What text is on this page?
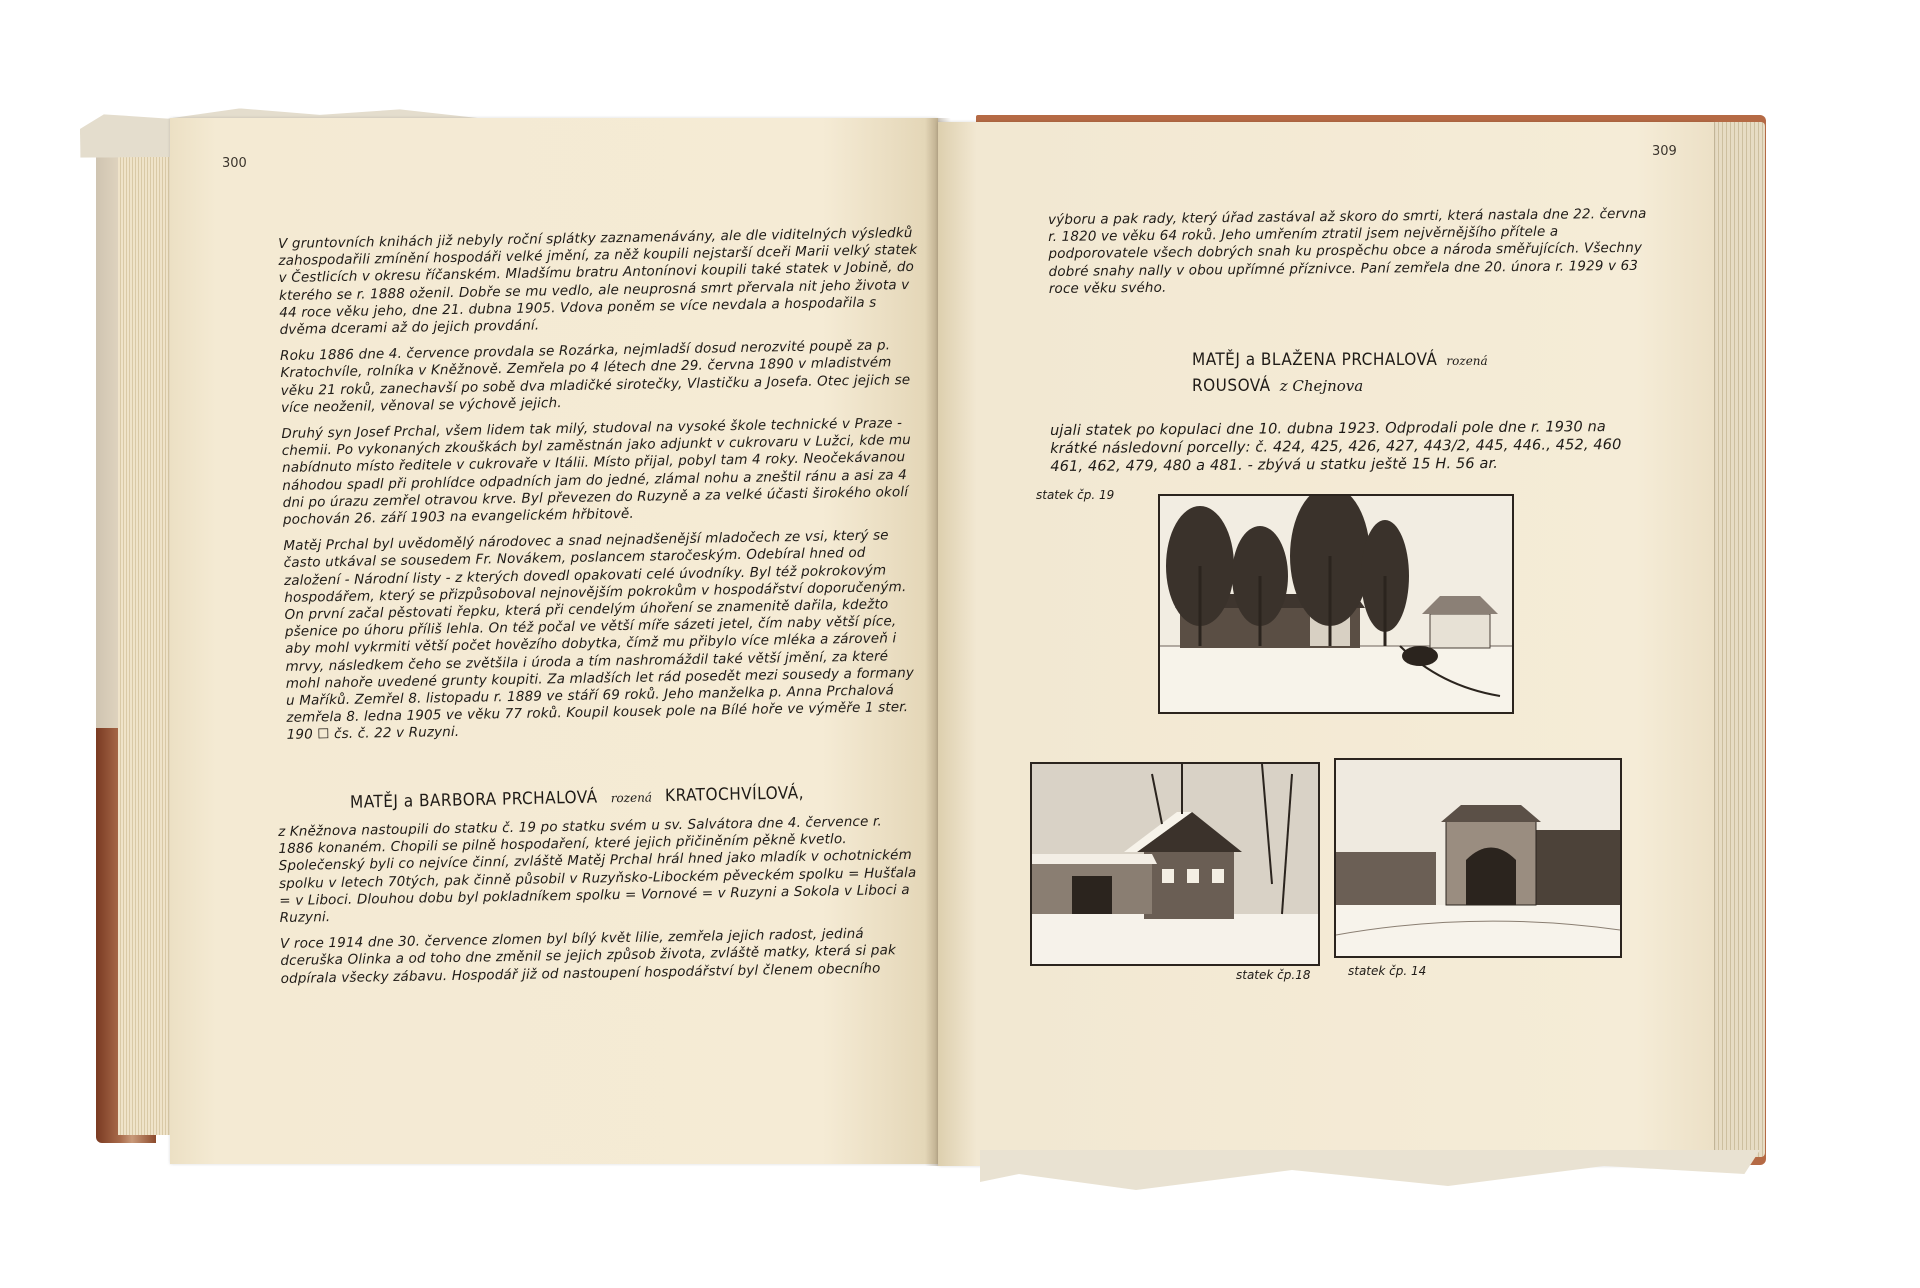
300

V gruntovních knihách již nebyly roční splátky zaznamenávány, ale dle viditelných výsledků zahospodařili zmínění hospodáři velké jmění, za něž koupili nejstarší dceři Marii velký statek v Čestlicích v okresu říčanském. Mladšímu bratru Antonínovi koupili také statek v Jobině, do kterého se r. 1888 oženil. Dobře se mu vedlo, ale neuprosná smrt přervala nit jeho života v 44 roce věku jeho, dne 21. dubna 1905. Vdova poněm se více nevdala a hospodařila s dvěma dcerami až do jejich provdání.

Roku 1886 dne 4. července provdala se Rozárka, nejmladší dosud nerozvité poupě za p. Kratochvíle, rolníka v Kněžnově. Zemřela po 4 létech dne 29. června 1890 v mladistvém věku 21 roků, zanechavší po sobě dva mladičké sirotečky, Vlastičku a Josefa. Otec jejich se více neoženil, věnoval se výchově jejich.

Druhý syn Josef Prchal, všem lidem tak milý, studoval na vysoké škole technické v Praze - chemii. Po vykonaných zkouškách byl zaměstnán jako adjunkt v cukrovaru v Lužci, kde mu nabídnuto místo ředitele v cukrovaře v Itálii. Místo přijal, pobyl tam 4 roky. Neočekávanou náhodou spadl při prohlídce odpadních jam do jedné, zlámal nohu a zneštil ránu a asi za 4 dni po úrazu zemřel otravou krve. Byl převezen do Ruzyně a za velké účasti širokého okolí pochován 26. září 1903 na evangelickém hřbitově.

Matěj Prchal byl uvědomělý národovec a snad nejnadšenější mladočech ze vsi, který se často utkával se sousedem Fr. Novákem, poslancem staročeským. Odebíral hned od založení - Národní listy - z kterých dovedl opakovati celé úvodníky. Byl též pokrokovým hospodářem, který se přizpůsoboval nejnovějším pokrokům v hospodářství doporučeným. On první začal pěstovati řepku, která při cendelým úhoření se znamenitě dařila, kdežto pšenice po úhoru příliš lehla. On též počal ve větší míře sázeti jetel, čím naby větší píce, aby mohl vykrmiti větší počet hovězího dobytka, čímž mu přibylo více mléka a zároveň i mrvy, následkem čeho se zvětšila i úroda a tím nashromáždil také větší jmění, za které mohl nahoře uvedené grunty koupiti. Za mladších let rád posedět mezi sousedy a formany u Maříků. Zemřel 8. listopadu r. 1889 ve stáří 69 roků. Jeho manželka p. Anna Prchalová zemřela 8. ledna 1905 ve věku 77 roků. Koupil kousek pole na Bílé hoře ve výměře 1 ster. 190 ☐ čs. č. 22 v Ruzyni.

MATĚJ a BARBORA PRCHALOVÁ rozená KRATOCHVÍLOVÁ,

z Kněžnova nastoupili do statku č. 19 po statku svém u sv. Salvátora dne 4. července r. 1886 konaném. Chopili se pilně hospodaření, které jejich přičiněním pěkně kvetlo. Společenský byli co nejvíce činní, zvláště Matěj Prchal hrál hned jako mladík v ochotnickém spolku v letech 70tých, pak činně působil v Ruzyňsko-Libockém pěveckém spolku = Hušťala = v Liboci. Dlouhou dobu byl pokladníkem spolku = Vornové = v Ruzyni a Sokola v Liboci a Ruzyni.

V roce 1914 dne 30. července zlomen byl bílý květ lilie, zemřela jejich radost, jediná dceruška Olinka a od toho dne změnil se jejich způsob života, zvláště matky, která si pak odpírala všecky zábavu. Hospodář již od nastoupení hospodářství byl členem obecního

309

výboru a pak rady, který úřad zastával až skoro do smrti, která nastala dne 22. června r. 1820 ve věku 64 roků. Jeho umřením ztratil jsem nejvěrnějšího přítele a podporovatele všech dobrých snah ku prospěchu obce a národa směřujících. Všechny dobré snahy nally v obou upřímné příznivce. Paní zemřela dne 20. února r. 1929 v 63 roce věku svého.

MATĚJ a BLAŽENA PRCHALOVÁ rozená
ROUSOVÁ z Chejnova

ujali statek po kopulaci dne 10. dubna 1923. Odprodali pole dne r. 1930 na krátké následovní porcelly: č. 424, 425, 426, 427, 443/2, 445, 446., 452, 460 461, 462, 479, 480 a 481. - zbývá u statku ještě 15 H. 56 ar.

statek čp. 19
statek čp.18	statek čp. 14
